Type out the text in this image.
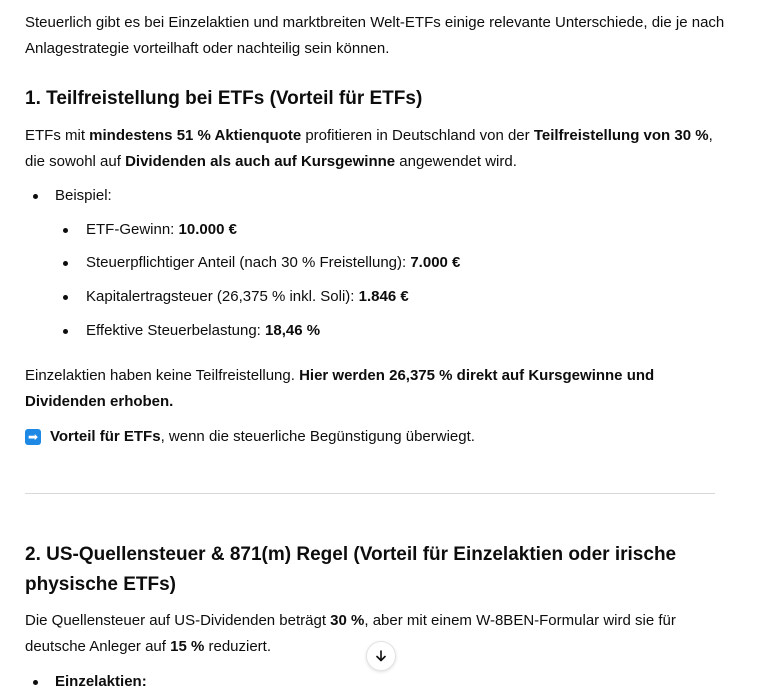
Steuerlich gibt es bei Einzelaktien und marktbreiten Welt-ETFs einige relevante Unterschiede, die je nach Anlagestrategie vorteilhaft oder nachteilig sein können.

1. Teilfreistellung bei ETFs (Vorteil für ETFs)

ETFs mit mindestens 51 % Aktienquote profitieren in Deutschland von der Teilfreistellung von 30 %, die sowohl auf Dividenden als auch auf Kursgewinne angewendet wird.

Beispiel:
ETF-Gewinn: 10.000 €
Steuerpflichtiger Anteil (nach 30 % Freistellung): 7.000 €
Kapitalertragsteuer (26,375 % inkl. Soli): 1.846 €
Effektive Steuerbelastung: 18,46 %

Einzelaktien haben keine Teilfreistellung. Hier werden 26,375 % direkt auf Kursgewinne und Dividenden erhoben.

➡ Vorteil für ETFs, wenn die steuerliche Begünstigung überwiegt.

2. US-Quellensteuer & 871(m) Regel (Vorteil für Einzelaktien oder irische physische ETFs)

Die Quellensteuer auf US-Dividenden beträgt 30 %, aber mit einem W-8BEN-Formular wird sie für deutsche Anleger auf 15 % reduziert.

Einzelaktien:
